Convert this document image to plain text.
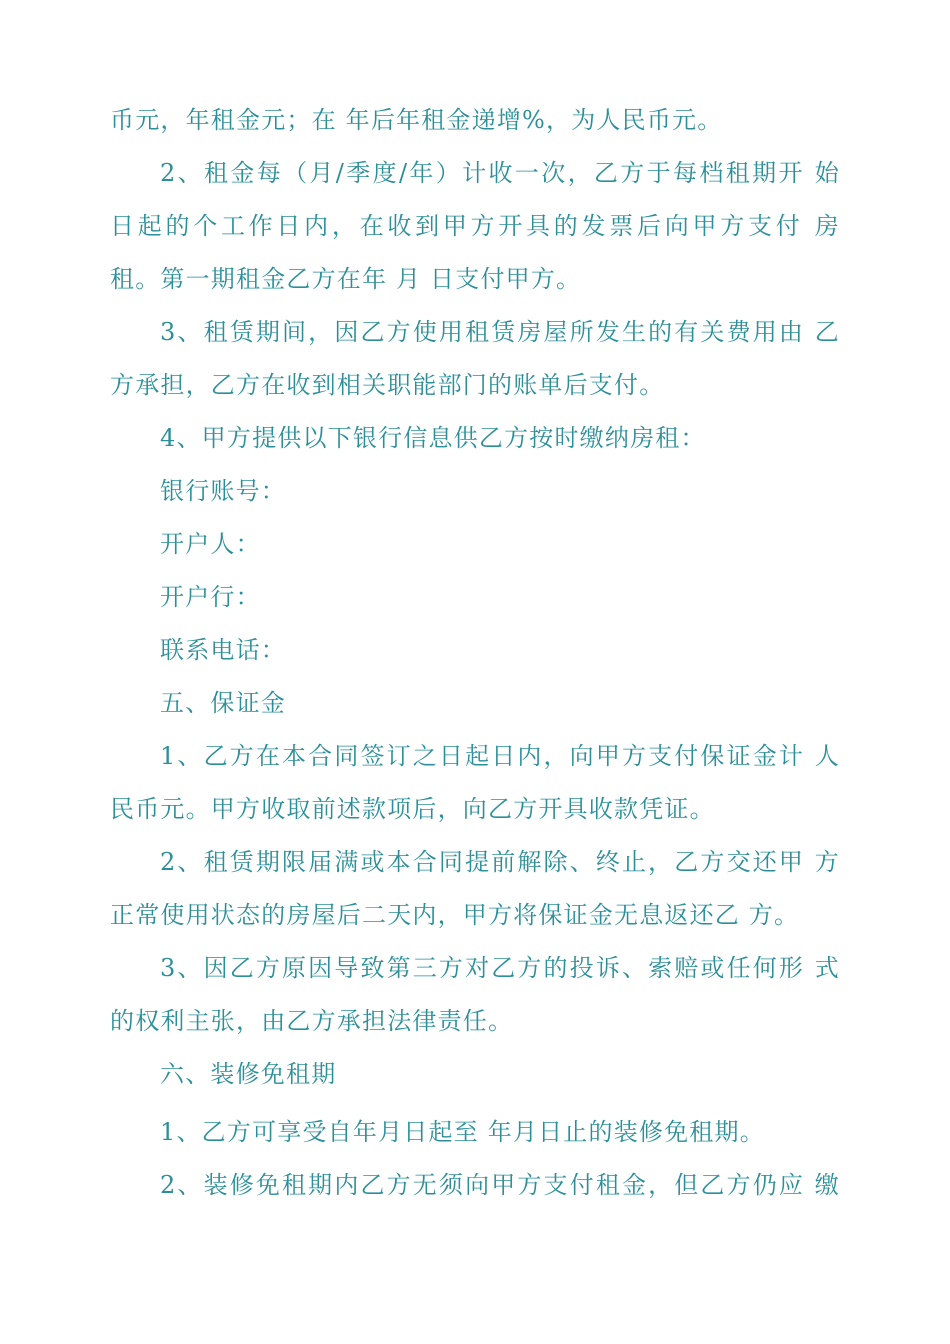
币元，年租金元；在 年后年租金递增%，为人民币元。
2、租金每（月/季度/年）计收一次，乙方于每档租期开 始
日起的个工作日内，在收到甲方开具的发票后向甲方支付 房
租。第一期租金乙方在年 月 日支付甲方。
3、租赁期间，因乙方使用租赁房屋所发生的有关费用由 乙
方承担，乙方在收到相关职能部门的账单后支付。
4、甲方提供以下银行信息供乙方按时缴纳房租：
银行账号：
开户人：
开户行：
联系电话：
五、保证金
1、乙方在本合同签订之日起日内，向甲方支付保证金计 人
民币元。甲方收取前述款项后，向乙方开具收款凭证。
2、租赁期限届满或本合同提前解除、终止，乙方交还甲 方
正常使用状态的房屋后二天内，甲方将保证金无息返还乙 方。
3、因乙方原因导致第三方对乙方的投诉、索赔或任何形 式
的权利主张，由乙方承担法律责任。
六、装修免租期
1、乙方可享受自年月日起至 年月日止的装修免租期。
2、装修免租期内乙方无须向甲方支付租金，但乙方仍应 缴
